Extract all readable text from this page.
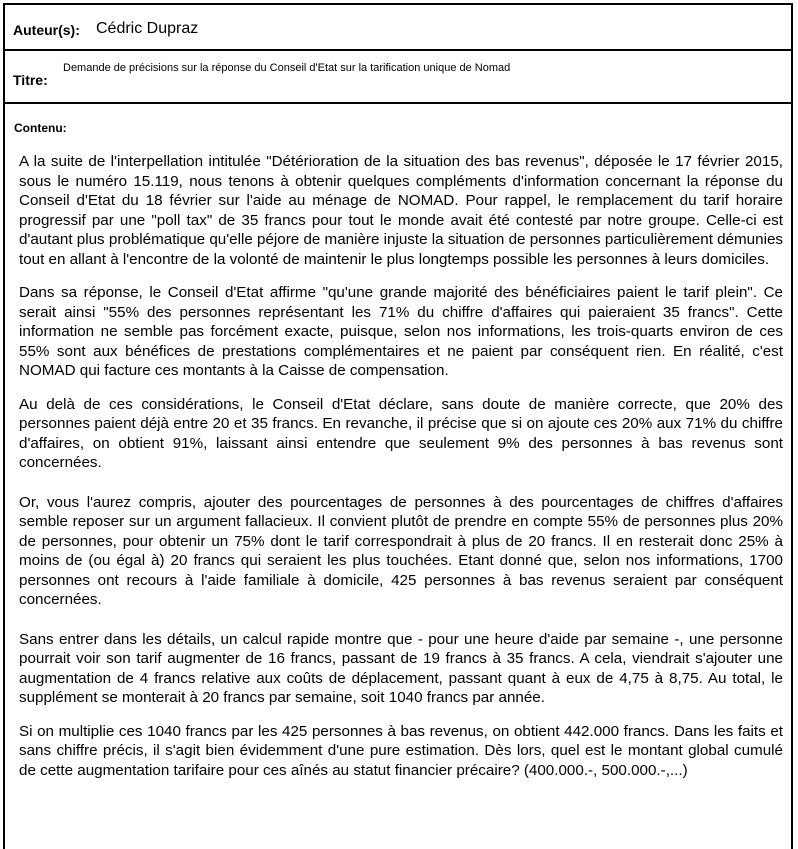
Auteur(s): Cédric Dupraz
Titre:
Demande de précisions sur la réponse du Conseil d'Etat sur la tarification unique de Nomad
Contenu:

A la suite de l'interpellation intitulée "Détérioration de la situation des bas revenus", déposée le 17 février 2015, sous le numéro 15.119, nous tenons à obtenir quelques compléments d'information concernant la réponse du Conseil d'Etat du 18 février sur l'aide au ménage de NOMAD. Pour rappel, le remplacement du tarif horaire progressif par une "poll tax" de 35 francs pour tout le monde avait été contesté par notre groupe. Celle-ci est d'autant plus problématique qu'elle péjore de manière injuste la situation de personnes particulièrement démunies tout en allant à l'encontre de la volonté de maintenir le plus longtemps possible les personnes à leurs domiciles.

Dans sa réponse, le Conseil d'Etat affirme "qu'une grande majorité des bénéficiaires paient le tarif plein". Ce serait ainsi "55% des personnes représentant les 71% du chiffre d'affaires qui paieraient 35 francs". Cette information ne semble pas forcément exacte, puisque, selon nos informations, les trois-quarts environ de ces 55% sont aux bénéfices de prestations complémentaires et ne paient par conséquent rien. En réalité, c'est NOMAD qui facture ces montants à la Caisse de compensation.

Au delà de ces considérations, le Conseil d'Etat déclare, sans doute de manière correcte, que 20% des personnes paient déjà entre 20 et 35 francs. En revanche, il précise que si on ajoute ces 20% aux 71% du chiffre d'affaires, on obtient 91%, laissant ainsi entendre que seulement 9% des personnes à bas revenus sont concernées.

Or, vous l'aurez compris, ajouter des pourcentages de personnes à des pourcentages de chiffres d'affaires semble reposer sur un argument fallacieux. Il convient plutôt de prendre en compte 55% de personnes plus 20% de personnes, pour obtenir un 75% dont le tarif correspondrait à plus de 20 francs. Il en resterait donc 25% à moins de (ou égal à) 20 francs qui seraient les plus touchées. Etant donné que, selon nos informations, 1700 personnes ont recours à l'aide familiale à domicile, 425 personnes à bas revenus seraient par conséquent concernées.

Sans entrer dans les détails, un calcul rapide montre que - pour une heure d'aide par semaine -, une personne pourrait voir son tarif augmenter de 16 francs, passant de 19 francs à 35 francs. A cela, viendrait s'ajouter une augmentation de 4 francs relative aux coûts de déplacement, passant quant à eux de 4,75 à 8,75. Au total, le supplément se monterait à 20 francs par semaine, soit 1040 francs par année.

Si on multiplie ces 1040 francs par les 425 personnes à bas revenus, on obtient 442.000 francs. Dans les faits et sans chiffre précis, il s'agit bien évidemment d'une pure estimation. Dès lors, quel est le montant global cumulé de cette augmentation tarifaire pour ces aînés au statut financier précaire? (400.000.-, 500.000.-,...)
